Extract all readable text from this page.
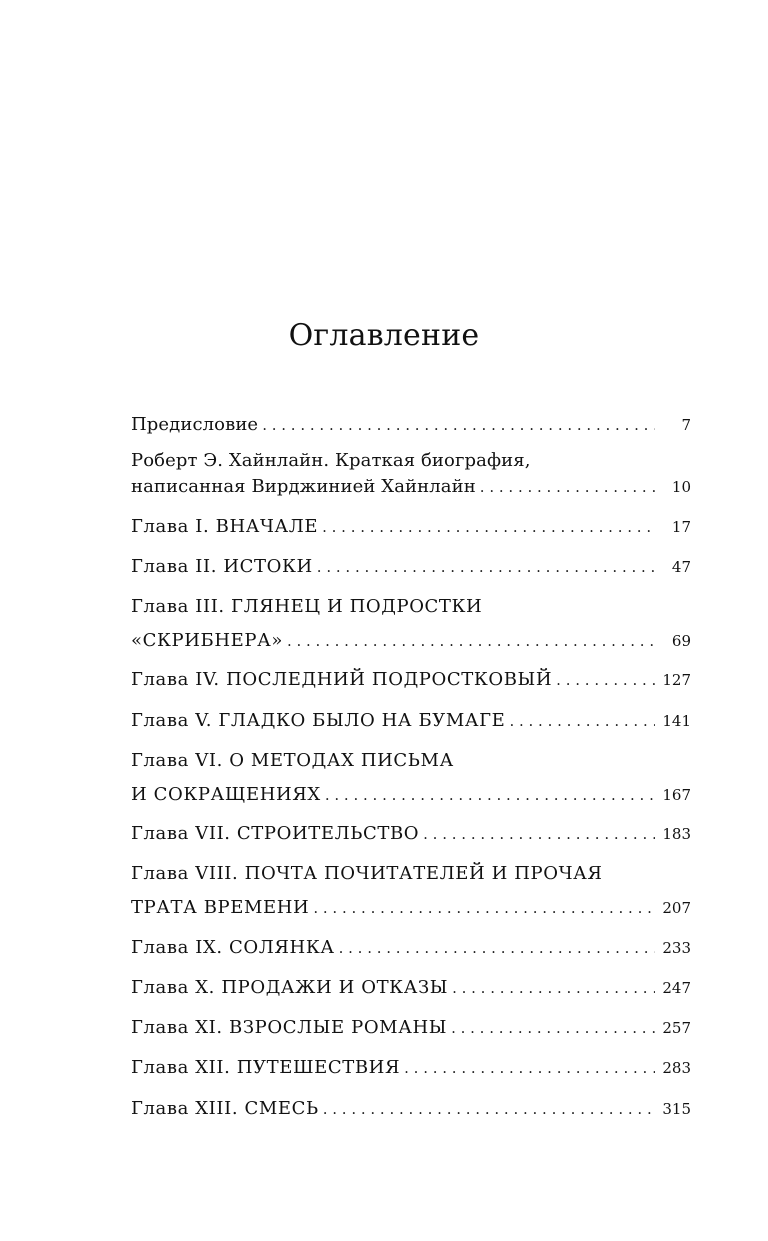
Оглавление
Предисловие . . .	7
Роберт Э. Хайнлайн. Краткая биография,
написанная Вирджинией Хайнлайн . . .	10
Глава I. ВНАЧАЛЕ . . .	17
Глава II. ИСТОКИ . . .	47
Глава III. ГЛЯНЕЦ И ПОДРОСТКИ
«СКРИБНЕРА» . . .	69
Глава IV. ПОСЛЕДНИЙ ПОДРОСТКОВЫЙ . . .	127
Глава V. ГЛАДКО БЫЛО НА БУМАГЕ . . .	141
Глава VI. О МЕТОДАХ ПИСЬМА
И СОКРАЩЕНИЯХ . . .	167
Глава VII. СТРОИТЕЛЬСТВО . . .	183
Глава VIII. ПОЧТА ПОЧИТАТЕЛЕЙ И ПРОЧАЯ
ТРАТА ВРЕМЕНИ . . .	207
Глава IX. СОЛЯНКА . . .	233
Глава X. ПРОДАЖИ И ОТКАЗЫ . . .	247
Глава XI. ВЗРОСЛЫЕ РОМАНЫ . . .	257
Глава XII. ПУТЕШЕСТВИЯ . . .	283
Глава XIII. СМЕСЬ . . .	315
